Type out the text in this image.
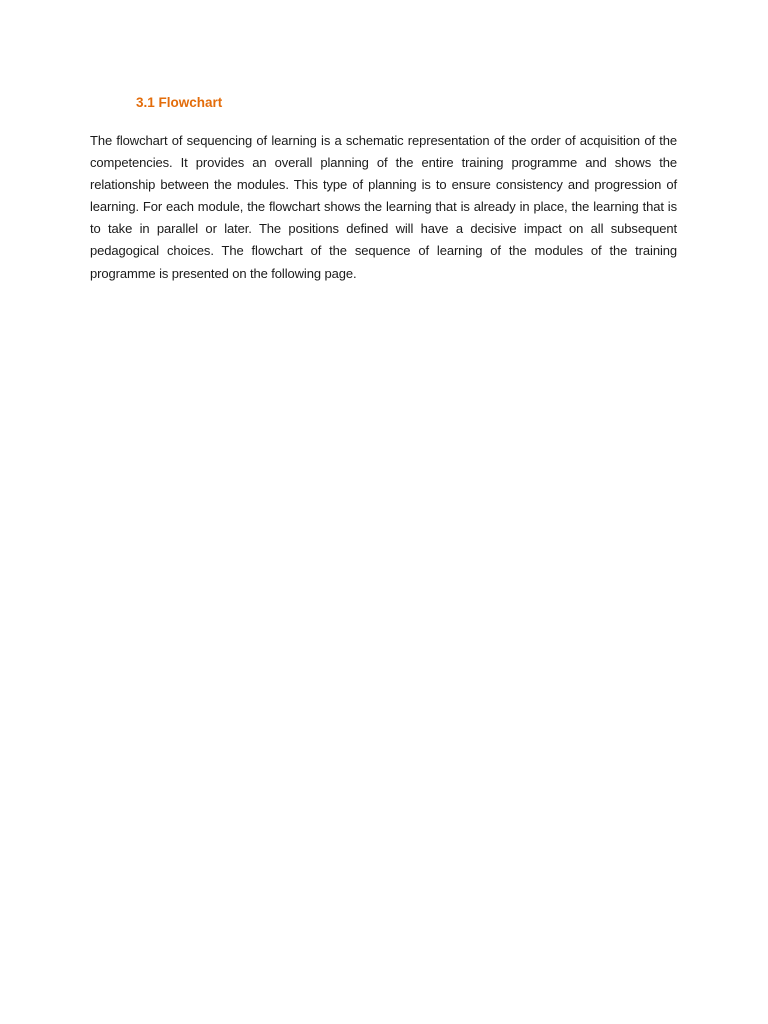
3.1 Flowchart

The flowchart of sequencing of learning is a schematic representation of the order of acquisition of the competencies. It provides an overall planning of the entire training programme and shows the relationship between the modules. This type of planning is to ensure consistency and progression of learning. For each module, the flowchart shows the learning that is already in place, the learning that is to take in parallel or later. The positions defined will have a decisive impact on all subsequent pedagogical choices. The flowchart of the sequence of learning of the modules of the training programme is presented on the following page.
